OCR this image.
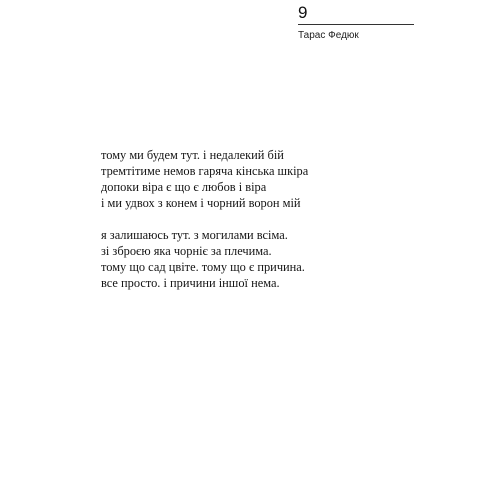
9
Тарас Федюк
тому ми будем тут. і недалекий бій
тремтітиме немов гаряча кінська шкіра
допоки віра є що є любов і віра
і ми удвох з конем і чорний ворон мій
я залишаюсь тут. з могилами всіма.
зі зброєю яка чорніє за плечима.
тому що сад цвіте. тому що є причина.
все просто. і причини іншої нема.
